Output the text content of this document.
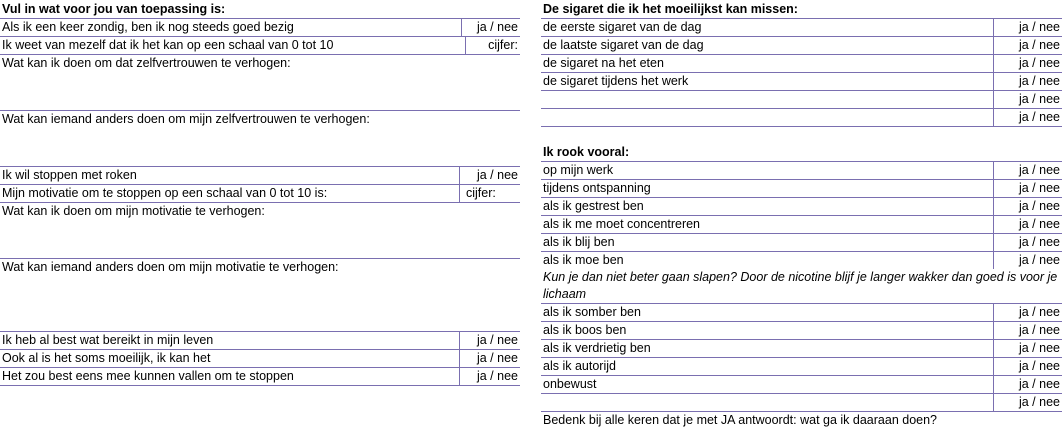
Vul in wat voor jou van toepassing is:
Als ik een keer zondig, ben ik nog steeds goed bezig	ja / nee
Ik weet van mezelf dat ik het kan op een schaal van 0 tot 10	cijfer:
Wat kan ik doen om dat zelfvertrouwen te verhogen:
Wat kan iemand anders doen om mijn zelfvertrouwen te verhogen:
Ik wil stoppen met roken	ja / nee
Mijn motivatie om te stoppen op een schaal van 0 tot 10 is:	cijfer:
Wat kan ik doen om mijn motivatie te verhogen:
Wat kan iemand anders doen om mijn motivatie te verhogen:
Ik heb al best wat bereikt in mijn leven	ja / nee
Ook al is het soms moeilijk, ik kan het	ja / nee
Het zou best eens mee kunnen vallen om te stoppen	ja / nee
De sigaret die ik het moeilijkst kan missen:
de eerste sigaret van de dag	ja / nee
de laatste sigaret van de dag	ja / nee
de sigaret na het eten	ja / nee
de sigaret tijdens het werk	ja / nee
ja / nee
ja / nee
Ik rook vooral:
op mijn werk	ja / nee
tijdens ontspanning	ja / nee
als ik gestrest ben	ja / nee
als ik me moet concentreren	ja / nee
als ik blij ben	ja / nee
als ik moe ben	ja / nee
Kun je dan niet beter gaan slapen? Door de nicotine blijf je langer wakker dan goed is voor je lichaam
als ik somber ben	ja / nee
als ik boos ben	ja / nee
als ik verdrietig ben	ja / nee
als ik autorijd	ja / nee
onbewust	ja / nee
ja / nee
Bedenk bij alle keren dat je met JA antwoordt: wat ga ik daaraan doen?
